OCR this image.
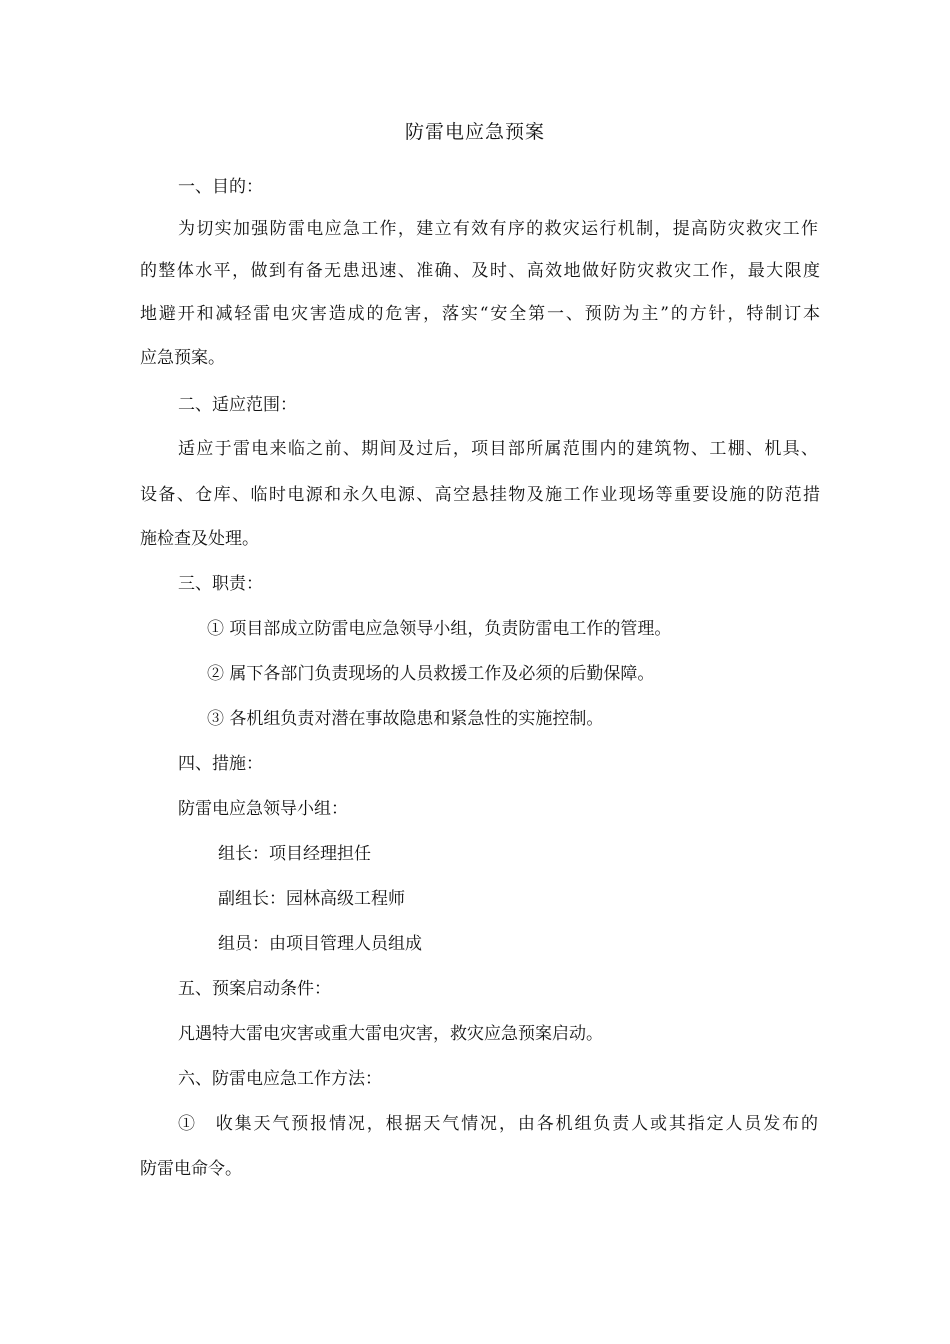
防雷电应急预案
一、目的：
为切实加强防雷电应急工作，建立有效有序的救灾运行机制，提高防灾救灾工作
的整体水平，做到有备无患迅速、准确、及时、高效地做好防灾救灾工作，最大限度
地避开和减轻雷电灾害造成的危害，落实“安全第一、预防为主”的方针，特制订本
应急预案。
二、适应范围：
适应于雷电来临之前、期间及过后，项目部所属范围内的建筑物、工棚、机具、
设备、仓库、临时电源和永久电源、高空悬挂物及施工作业现场等重要设施的防范措
施检查及处理。
三、职责：
① 项目部成立防雷电应急领导小组，负责防雷电工作的管理。
② 属下各部门负责现场的人员救援工作及必须的后勤保障。
③ 各机组负责对潜在事故隐患和紧急性的实施控制。
四、措施：
防雷电应急领导小组：
组长：项目经理担任
副组长：园林高级工程师
组员：由项目管理人员组成
五、预案启动条件：
凡遇特大雷电灾害或重大雷电灾害，救灾应急预案启动。
六、防雷电应急工作方法：
①　收集天气预报情况，根据天气情况，由各机组负责人或其指定人员发布的
防雷电命令。
